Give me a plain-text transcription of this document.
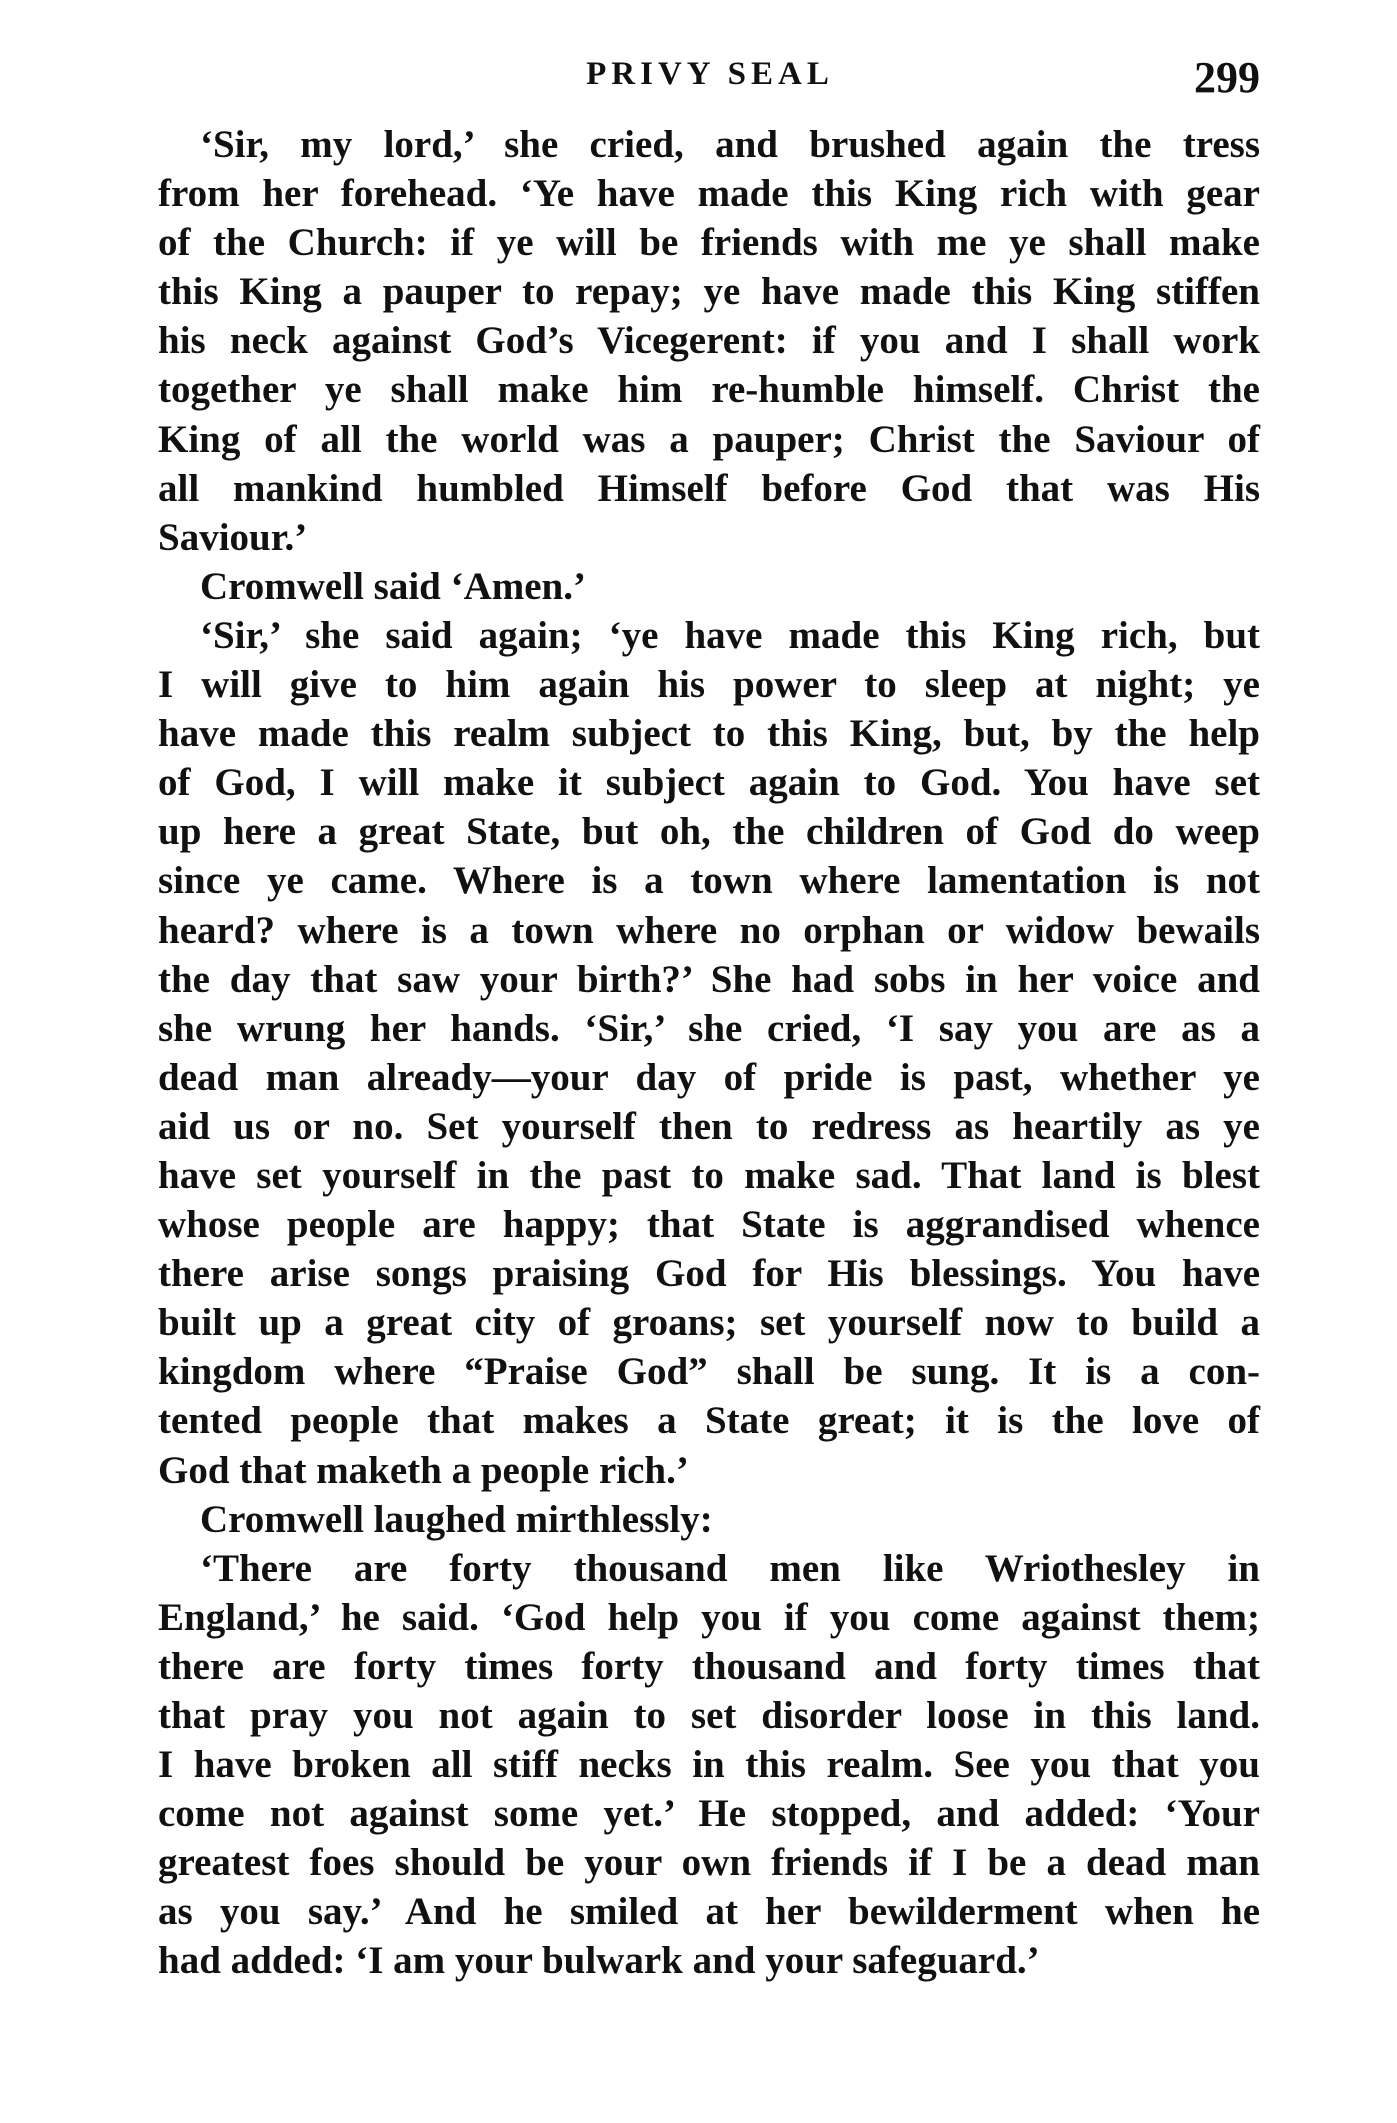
PRIVY SEAL	299
‘Sir, my lord,’ she cried, and brushed again the tress
from her forehead. ‘Ye have made this King rich with gear
of the Church: if ye will be friends with me ye shall make
this King a pauper to repay; ye have made this King stiffen
his neck against God’s Vicegerent: if you and I shall work
together ye shall make him re-humble himself. Christ the
King of all the world was a pauper; Christ the Saviour of
all mankind humbled Himself before God that was His
Saviour.’
Cromwell said ‘Amen.’
‘Sir,’ she said again; ‘ye have made this King rich, but
I will give to him again his power to sleep at night; ye
have made this realm subject to this King, but, by the help
of God, I will make it subject again to God. You have set
up here a great State, but oh, the children of God do weep
since ye came. Where is a town where lamentation is not
heard? where is a town where no orphan or widow bewails
the day that saw your birth?’ She had sobs in her voice and
she wrung her hands. ‘Sir,’ she cried, ‘I say you are as a
dead man already—your day of pride is past, whether ye
aid us or no. Set yourself then to redress as heartily as ye
have set yourself in the past to make sad. That land is blest
whose people are happy; that State is aggrandised whence
there arise songs praising God for His blessings. You have
built up a great city of groans; set yourself now to build a
kingdom where “Praise God” shall be sung. It is a con-
tented people that makes a State great; it is the love of
God that maketh a people rich.’
Cromwell laughed mirthlessly:
‘There are forty thousand men like Wriothesley in
England,’ he said. ‘God help you if you come against them;
there are forty times forty thousand and forty times that
that pray you not again to set disorder loose in this land.
I have broken all stiff necks in this realm. See you that you
come not against some yet.’ He stopped, and added: ‘Your
greatest foes should be your own friends if I be a dead man
as you say.’ And he smiled at her bewilderment when he
had added: ‘I am your bulwark and your safeguard.’
